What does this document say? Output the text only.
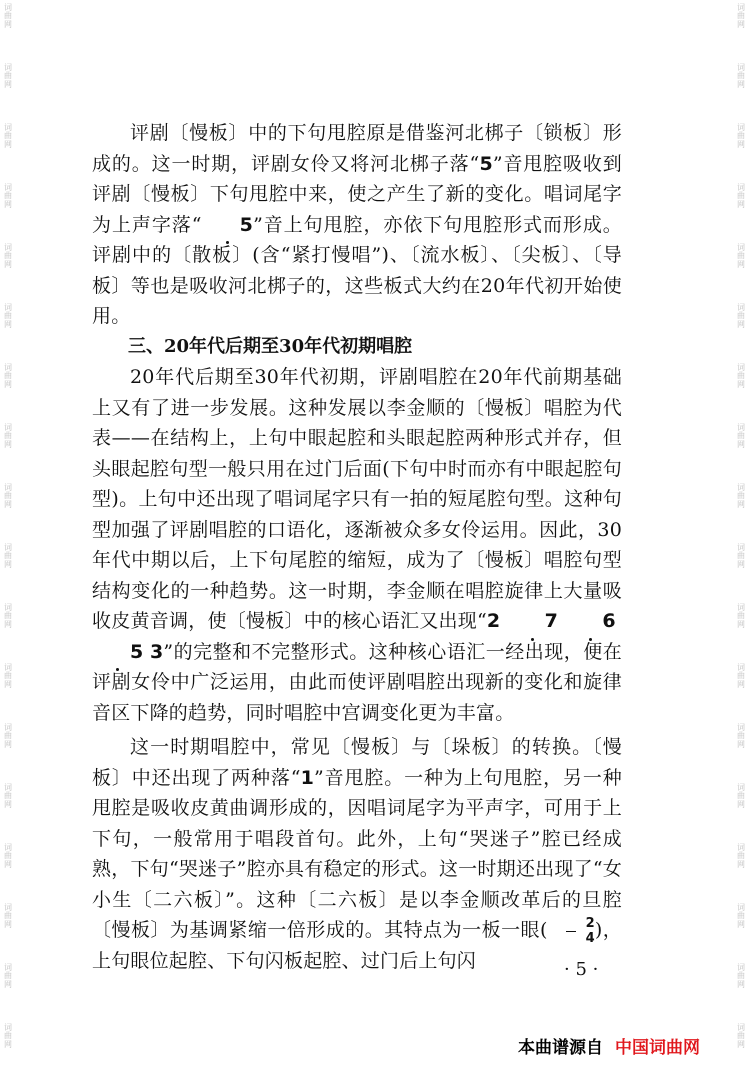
词
曲
网
词
曲
网
词
曲
网
词
曲
网
词
曲
网
词
曲
网
词
曲
网
词
曲
网
词
曲
网
词
曲
网
词
曲
网
词
曲
网
词
曲
网
词
曲
网
词
曲
网
词
曲
网
词
曲
网
词
曲
网
词
曲
网
词
曲
网
词
曲
网
词
曲
网
词
曲
网
词
曲
网
词
曲
网
词
曲
网
词
曲
网
词
曲
网
词
曲
网
词
曲
网
词
曲
网
词
曲
网
词
曲
网
词
曲
网
词
曲
网
词
曲
网

评剧〔慢板〕中的下句甩腔原是借鉴河北梆子〔锁板〕形成的。这一时期，评剧女伶又将河北梆子落“5”音甩腔吸收到评剧〔慢板〕下句甩腔中来，使之产生了新的变化。唱词尾字为上声字落“ 5”音上句甩腔，亦依下句甩腔形式而形成。评剧中的〔散板〕(含“紧打慢唱”)、〔流水板〕、〔尖板〕、〔导板〕等也是吸收河北梆子的，这些板式大约在20年代初开始使用。

三、20年代后期至30年代初期唱腔

20年代后期至30年代初期，评剧唱腔在20年代前期基础上又有了进一步发展。这种发展以李金顺的〔慢板〕唱腔为代表——在结构上，上句中眼起腔和头眼起腔两种形式并存，但头眼起腔句型一般只用在过门后面(下句中时而亦有中眼起腔句型)。上句中还出现了唱词尾字只有一拍的短尾腔句型。这种句型加强了评剧唱腔的口语化，逐渐被众多女伶运用。因此，30年代中期以后，上下句尾腔的缩短，成为了〔慢板〕唱腔句型结构变化的一种趋势。这一时期，李金顺在唱腔旋律上大量吸收皮黄音调，使〔慢板〕中的核心语汇又出现“2 7 6 5 3”的完整和不完整形式。这种核心语汇一经出现，便在评剧女伶中广泛运用，由此而使评剧唱腔出现新的变化和旋律音区下降的趋势，同时唱腔中宫调变化更为丰富。

这一时期唱腔中，常见〔慢板〕与〔垛板〕的转换。〔慢板〕中还出现了两种落“1”音甩腔。一种为上句甩腔，另一种甩腔是吸收皮黄曲调形成的，因唱词尾字为平声字，可用于上下句，一般常用于唱段首句。此外，上句“哭迷子”腔已经成熟，下句“哭迷子”腔亦具有稳定的形式。这一时期还出现了“女小生〔二六板〕”。这种〔二六板〕是以李金顺改革后的旦腔〔慢板〕为基调紧缩一倍形成的。其特点为一板一眼( $\frac{2}{4}$ )，上句眼位起腔、下句闪板起腔、过门后上句闪	· 5 ·
本曲谱源自 中国词曲网
